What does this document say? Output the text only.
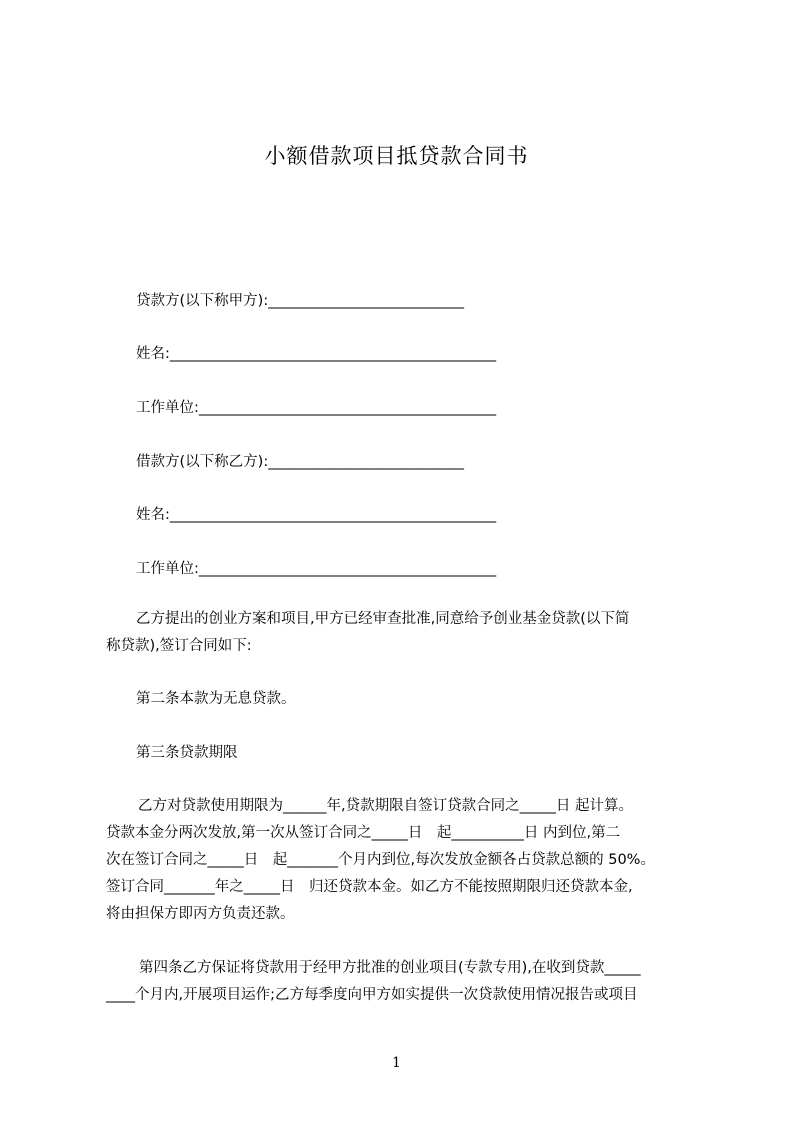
小额借款项目抵贷款合同书
贷款方(以下称甲方):___________________________
姓名:_____________________________________________
工作单位:_________________________________________
借款方(以下称乙方):___________________________
姓名:_____________________________________________
工作单位:_________________________________________
乙方提出的创业方案和项目,甲方已经审查批准,同意给予创业基金贷款(以下简
称贷款),签订合同如下:
第二条本款为无息贷款。
第三条贷款期限
乙方对贷款使用期限为______年,贷款期限自签订贷款合同之_____日 起计算。
贷款本金分两次发放,第一次从签订合同之_____日　起__________日 内到位,第二
次在签订合同之_____日　起_______个月内到位,每次发放金额各占贷款总额的 50%。
签订合同_______年之_____日　归还贷款本金。如乙方不能按照期限归还贷款本金,
将由担保方即丙方负责还款。
第四条乙方保证将贷款用于经甲方批准的创业项目(专款专用),在收到贷款_____
____个月内,开展项目运作;乙方每季度向甲方如实提供一次贷款使用情况报告或项目
1
